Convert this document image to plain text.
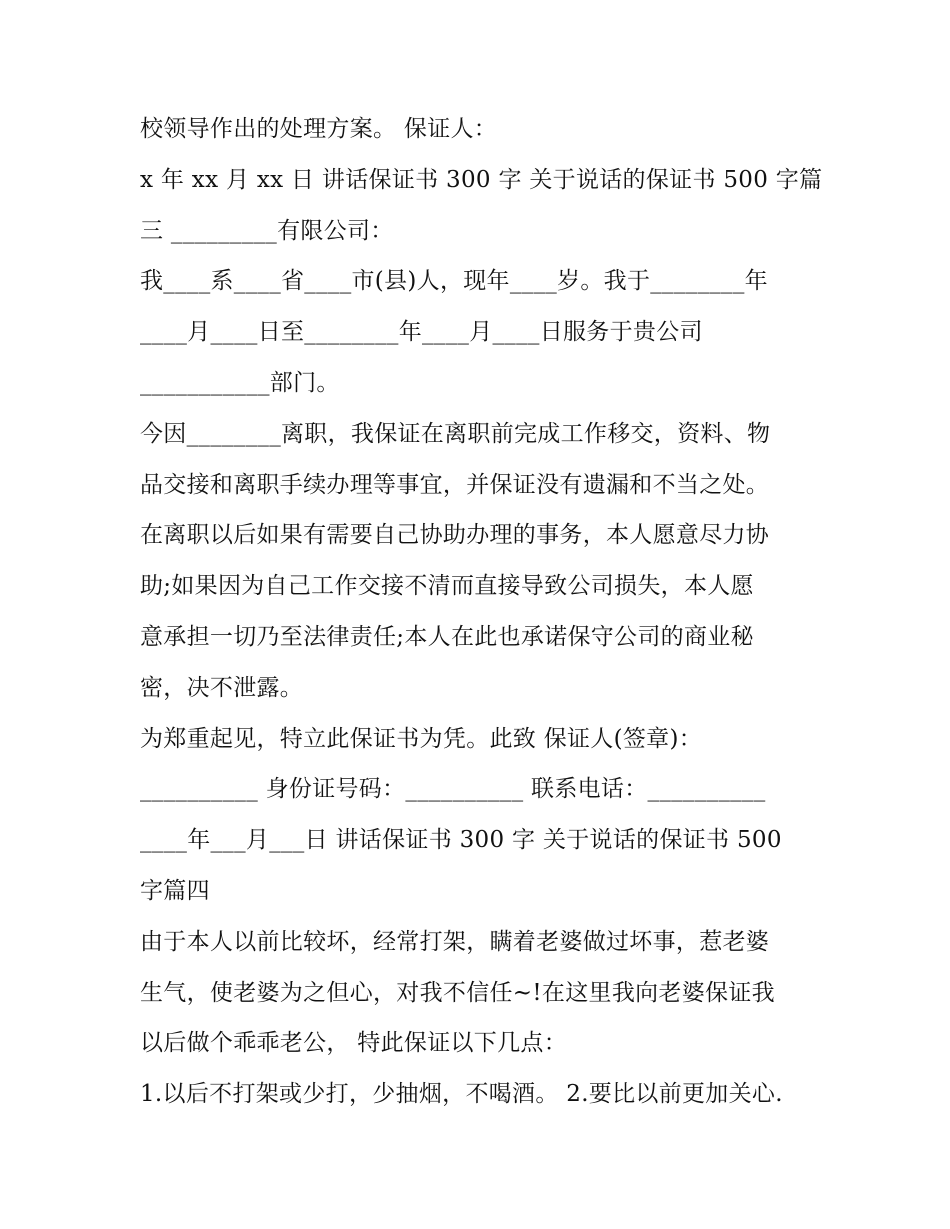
校领导作出的处理方案。 保证人：
x 年 xx 月 xx 日 讲话保证书 300 字 关于说话的保证书 500 字篇
三 _________有限公司：
我____系____省____市(县)人，现年____岁。我于________年
____月____日至________年____月____日服务于贵公司
___________部门。
今因________离职，我保证在离职前完成工作移交，资料、物
品交接和离职手续办理等事宜，并保证没有遗漏和不当之处。
在离职以后如果有需要自己协助办理的事务，本人愿意尽力协
助;如果因为自己工作交接不清而直接导致公司损失，本人愿
意承担一切乃至法律责任;本人在此也承诺保守公司的商业秘
密，决不泄露。
为郑重起见，特立此保证书为凭。此致 保证人(签章)：
__________ 身份证号码：__________ 联系电话：__________
____年___月___日 讲话保证书 300 字 关于说话的保证书 500
字篇四
由于本人以前比较坏，经常打架，瞒着老婆做过坏事，惹老婆
生气，使老婆为之但心，对我不信任~!在这里我向老婆保证我
以后做个乖乖老公， 特此保证以下几点：
1.以后不打架或少打，少抽烟，不喝酒。 2.要比以前更加关心.
